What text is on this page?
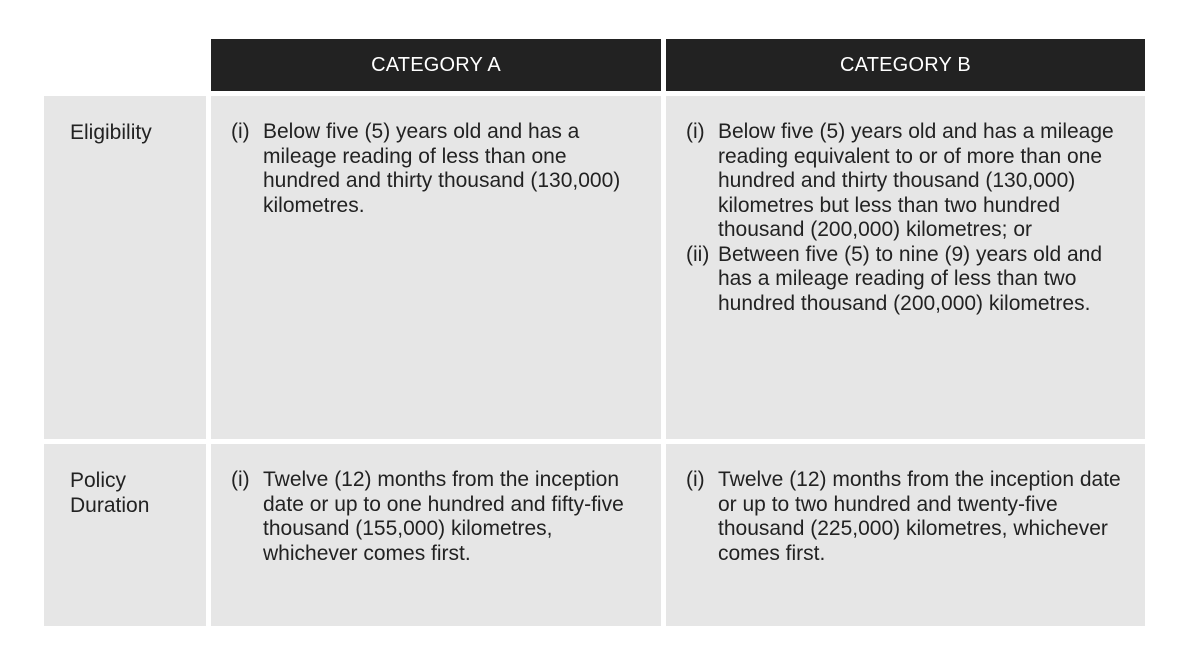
CATEGORY A	CATEGORY B
Eligibility	(i) Below five (5) years old and has a mileage reading of less than one hundred and thirty thousand (130,000) kilometres.
(i) Below five (5) years old and has a mileage reading equivalent to or of more than one hundred and thirty thousand (130,000) kilometres but less than two hundred thousand (200,000) kilometres; or
(ii) Between five (5) to nine (9) years old and has a mileage reading of less than two hundred thousand (200,000) kilometres.
Policy Duration
(i) Twelve (12) months from the inception date or up to one hundred and fifty-five thousand (155,000) kilometres, whichever comes first.
(i) Twelve (12) months from the inception date or up to two hundred and twenty-five thousand (225,000) kilometres, whichever comes first.
